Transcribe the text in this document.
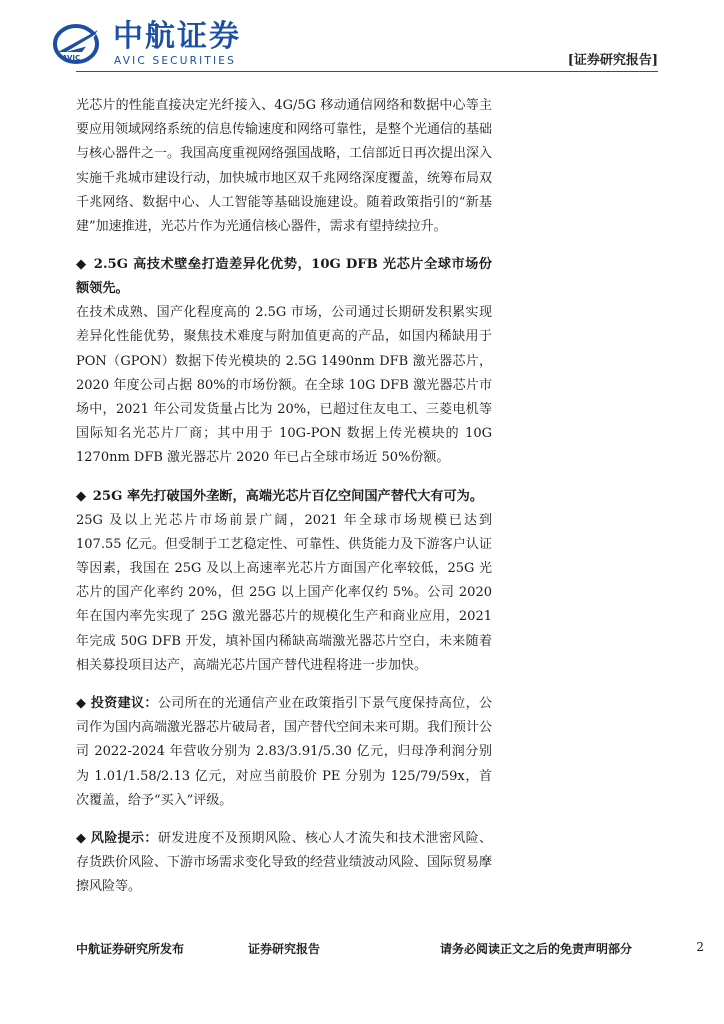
AVIC
中航证券
AVIC SECURITIES	[证券研究报告]

光芯片的性能直接决定光纤接入、4G/5G 移动通信网络和数据中心等主要应用领域网络系统的信息传输速度和网络可靠性，是整个光通信的基础与核心器件之一。我国高度重视网络强国战略，工信部近日再次提出深入实施千兆城市建设行动，加快城市地区双千兆网络深度覆盖，统筹布局双千兆网络、数据中心、人工智能等基础设施建设。随着政策指引的“新基建”加速推进，光芯片作为光通信核心器件，需求有望持续拉升。

◆ 2.5G 高技术壁垒打造差异化优势，10G DFB 光芯片全球市场份额领先。

在技术成熟、国产化程度高的 2.5G 市场，公司通过长期研发积累实现差异化性能优势，聚焦技术难度与附加值更高的产品，如国内稀缺用于 PON（GPON）数据下传光模块的 2.5G 1490nm DFB 激光器芯片，2020 年度公司占据 80%的市场份额。在全球 10G DFB 激光器芯片市场中，2021 年公司发货量占比为 20%，已超过住友电工、三菱电机等国际知名光芯片厂商；其中用于 10G-PON 数据上传光模块的 10G 1270nm DFB 激光器芯片 2020 年已占全球市场近 50%份额。

◆ 25G 率先打破国外垄断，高端光芯片百亿空间国产替代大有可为。

25G 及以上光芯片市场前景广阔，2021 年全球市场规模已达到 107.55 亿元。但受制于工艺稳定性、可靠性、供货能力及下游客户认证等因素，我国在 25G 及以上高速率光芯片方面国产化率较低，25G 光芯片的国产化率约 20%，但 25G 以上国产化率仅约 5%。公司 2020 年在国内率先实现了 25G 激光器芯片的规模化生产和商业应用，2021 年完成 50G DFB 开发，填补国内稀缺高端激光器芯片空白，未来随着相关募投项目达产，高端光芯片国产替代进程将进一步加快。

◆ 投资建议：公司所在的光通信产业在政策指引下景气度保持高位，公司作为国内高端激光器芯片破局者，国产替代空间未来可期。我们预计公司 2022-2024 年营收分别为 2.83/3.91/5.30 亿元，归母净利润分别为 1.01/1.58/2.13 亿元，对应当前股价 PE 分别为 125/79/59x，首次覆盖，给予“买入”评级。

◆ 风险提示：研发进度不及预期风险、核心人才流失和技术泄密风险、存货跌价风险、下游市场需求变化导致的经营业绩波动风险、国际贸易摩擦风险等。

中航证券研究所发布	证券研究报告	请务必阅读正文之后的免责声明部分	2
